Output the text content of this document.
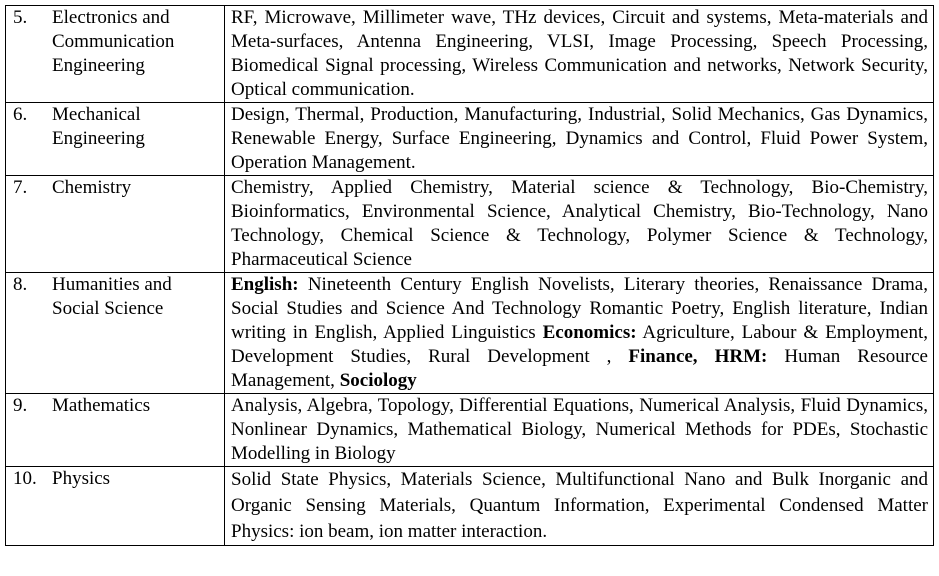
5. Electronics and Communication Engineering	RF, Microwave, Millimeter wave, THz devices, Circuit and systems, Meta-materials and Meta-surfaces, Antenna Engineering, VLSI, Image Processing, Speech Processing, Biomedical Signal processing, Wireless Communication and networks, Network Security, Optical communication.

6. Mechanical Engineering	Design, Thermal, Production, Manufacturing, Industrial, Solid Mechanics, Gas Dynamics, Renewable Energy, Surface Engineering, Dynamics and Control, Fluid Power System, Operation Management.

7. Chemistry	Chemistry, Applied Chemistry, Material science & Technology, Bio-Chemistry, Bioinformatics, Environmental Science, Analytical Chemistry, Bio-Technology, Nano Technology, Chemical Science & Technology, Polymer Science & Technology, Pharmaceutical Science

8. Humanities and Social Science	English: Nineteenth Century English Novelists, Literary theories, Renaissance Drama, Social Studies and Science And Technology Romantic Poetry, English literature, Indian writing in English, Applied Linguistics Economics: Agriculture, Labour & Employment, Development Studies, Rural Development , Finance, HRM: Human Resource Management, Sociology

9. Mathematics	Analysis, Algebra, Topology, Differential Equations, Numerical Analysis, Fluid Dynamics, Nonlinear Dynamics, Mathematical Biology, Numerical Methods for PDEs, Stochastic Modelling in Biology

10. Physics	Solid State Physics, Materials Science, Multifunctional Nano and Bulk Inorganic and Organic Sensing Materials, Quantum Information, Experimental Condensed Matter Physics: ion beam, ion matter interaction.
